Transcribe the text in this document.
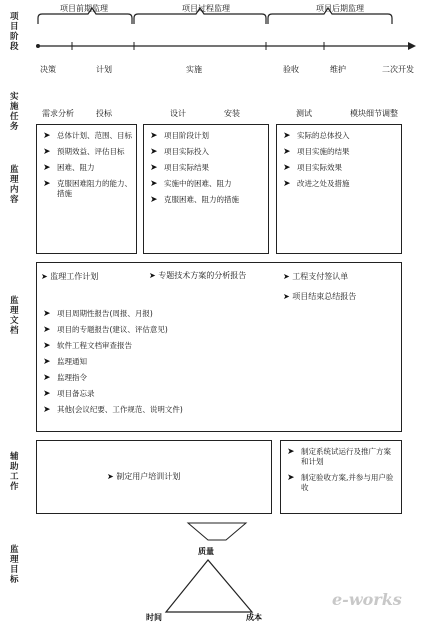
项目阶段
实施任务
监理内容
监理文档
辅助工作
监理目标
项目前期监理	项目过程监理	项目后期监理
决策	计划	实施	验收	维护	二次开发
需求分析	投标	设计	安装	测试	模块细节调整
➤ 总体计划、范围、目标
➤ 预期效益、评估目标
➤ 困难、阻力
➤ 克服困难阻力的能力、措施
➤ 项目阶段计划
➤ 项目实际投入
➤ 项目实际结果
➤ 实施中的困难、阻力
➤ 克服困难、阻力的措施
➤ 实际的总体投入
➤ 项目实施的结果
➤ 项目实际效果
➤ 改进之处及措施
➤ 监理工作计划	➤ 专题技术方案的分析报告	➤ 工程支付签认单
➤ 项目结束总结报告
➤ 项目周期性报告(周报、月报)
➤ 项目的专题报告(建议、评估意见)
➤ 软件工程文档审查报告
➤ 监理通知
➤ 监理指令
➤ 项目备忘录
➤ 其他(会议纪要、工作规范、说明文件)
➤ 制定用户培训计划
➤ 制定系统试运行及推广方案和计划
➤ 制定验收方案,并参与用户验收
质量
时间	成本
e-works
